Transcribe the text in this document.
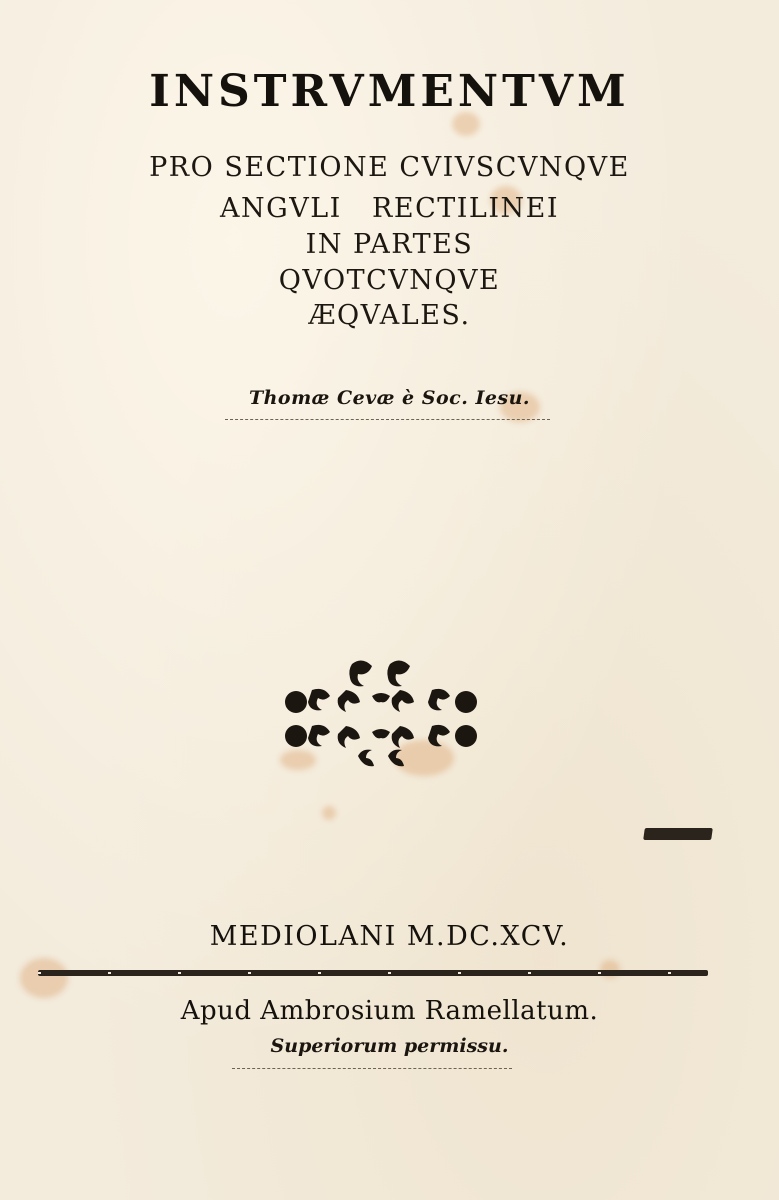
INSTRVMENTVM
PRO SECTIONE CVIVSCVNQVE
ANGVLI   RECTILINEI
IN PARTES
QVOTCVNQVE
ÆQVALES.
Thomæ Cevæ è Soc. Iesu.
MEDIOLANI M.DC.XCV.
Apud Ambrosium Ramellatum.
Superiorum permissu.
